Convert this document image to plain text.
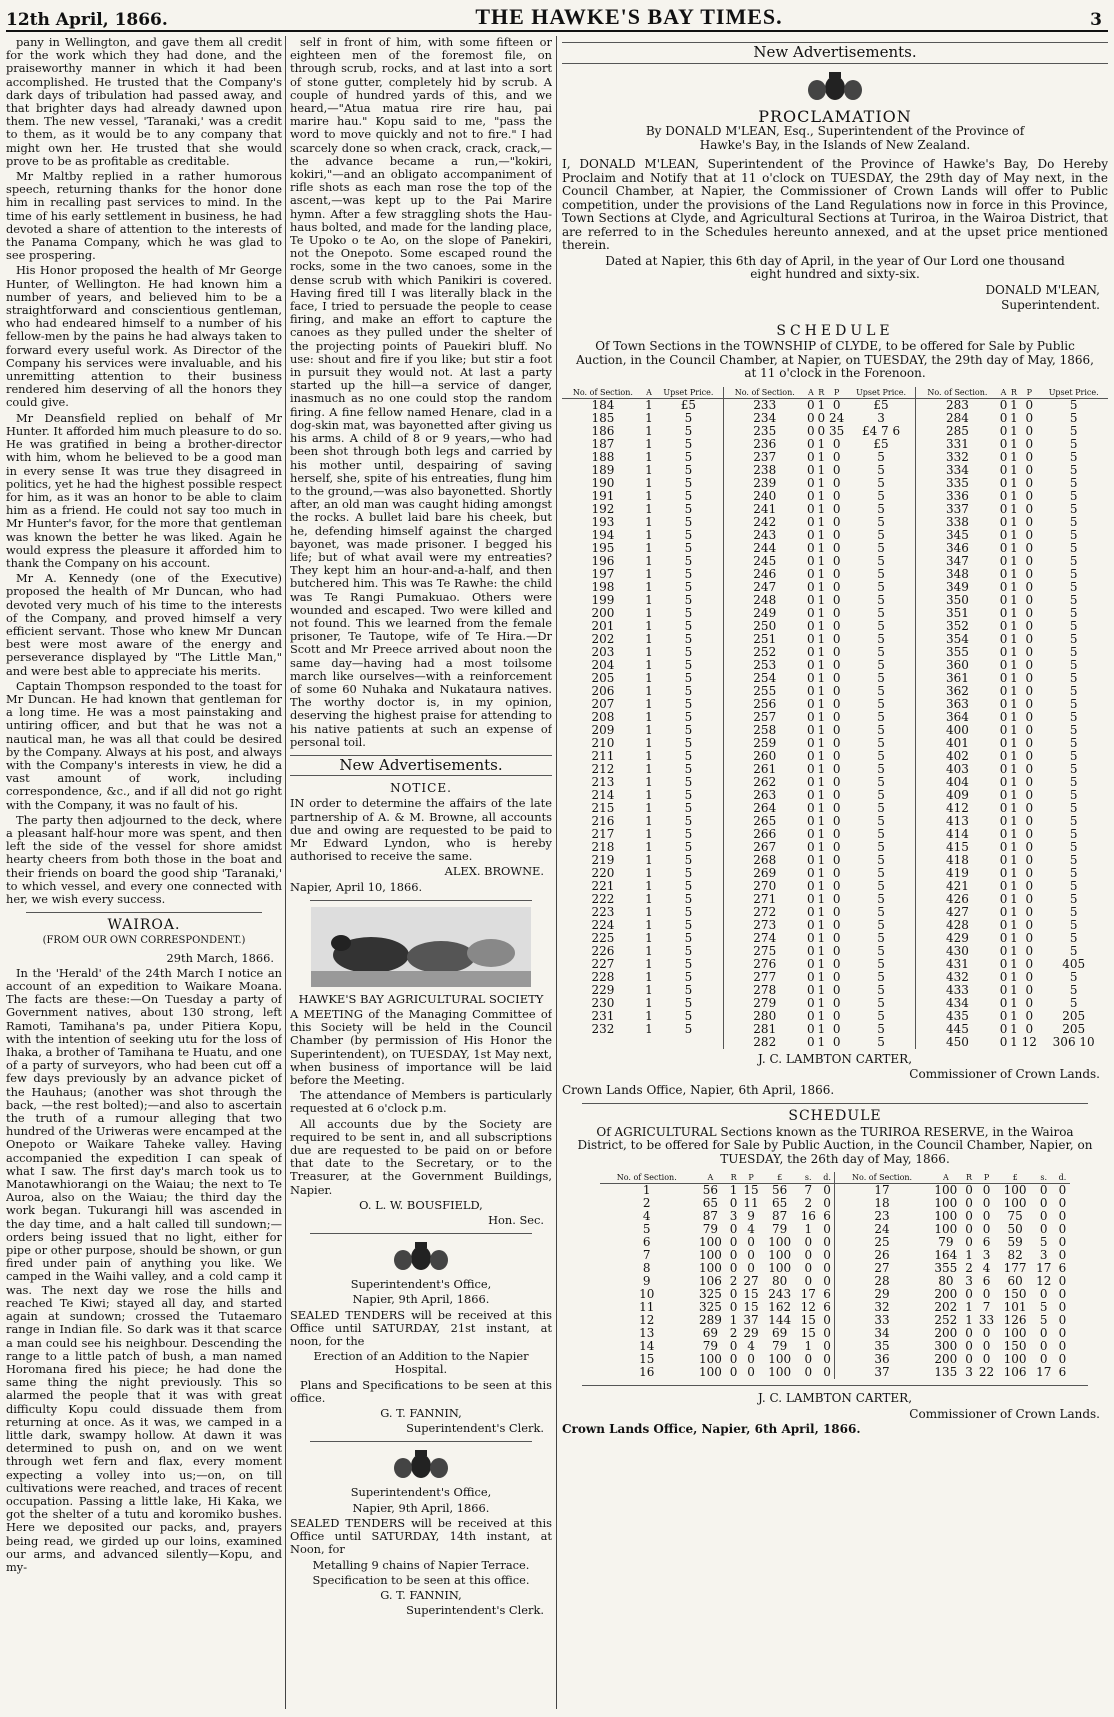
12th April, 1866.	THE HAWKE'S BAY TIMES.	3

pany in Wellington, and gave them all credit for the work which they had done, and the praiseworthy manner in which it had been accomplished. He trusted that the Company's dark days of tribulation had passed away, and that brighter days had already dawned upon them. The new vessel, 'Taranaki,' was a credit to them, as it would be to any company that might own her. He trusted that she would prove to be as profitable as creditable.

Mr Maltby replied in a rather humorous speech, returning thanks for the honor done him in recalling past services to mind. In the time of his early settlement in business, he had devoted a share of attention to the interests of the Panama Company, which he was glad to see prospering.

His Honor proposed the health of Mr George Hunter, of Wellington. He had known him a number of years, and believed him to be a straightforward and conscientious gentleman, who had endeared himself to a number of his fellow-men by the pains he had always taken to forward every useful work. As Director of the Company his services were invaluable, and his unremitting attention to their business rendered him deserving of all the honors they could give.

Mr Deansfield replied on behalf of Mr Hunter. It afforded him much pleasure to do so. He was gratified in being a brother-director with him, whom he believed to be a good man in every sense It was true they disagreed in politics, yet he had the highest possible respect for him, as it was an honor to be able to claim him as a friend. He could not say too much in Mr Hunter's favor, for the more that gentleman was known the better he was liked. Again he would express the pleasure it afforded him to thank the Company on his account.

Mr A. Kennedy (one of the Executive) proposed the health of Mr Duncan, who had devoted very much of his time to the interests of the Company, and proved himself a very efficient servant. Those who knew Mr Duncan best were most aware of the energy and perseverance displayed by "The Little Man," and were best able to appreciate his merits.

Captain Thompson responded to the toast for Mr Duncan. He had known that gentleman for a long time. He was a most painstaking and untiring officer, and but that he was not a nautical man, he was all that could be desired by the Company. Always at his post, and always with the Company's interests in view, he did a vast amount of work, including correspondence, &c., and if all did not go right with the Company, it was no fault of his.

The party then adjourned to the deck, where a pleasant half-hour more was spent, and then left the side of the vessel for shore amidst hearty cheers from both those in the boat and their friends on board the good ship 'Taranaki,' to which vessel, and every one connected with her, we wish every success.

WAIROA.
(FROM OUR OWN CORRESPONDENT.)

29th March, 1866.

In the 'Herald' of the 24th March I notice an account of an expedition to Waikare Moana. The facts are these:—On Tuesday a party of Government natives, about 130 strong, left Ramoti, Tamihana's pa, under Pitiera Kopu, with the intention of seeking utu for the loss of Ihaka, a brother of Tamihana te Huatu, and one of a party of surveyors, who had been cut off a few days previously by an advance picket of the Hauhaus; (another was shot through the back, —the rest bolted);—and also to ascertain the truth of a rumour alleging that two hundred of the Uriweras were encamped at the Onepoto or Waikare Taheke valley. Having accompanied the expedition I can speak of what I saw. The first day's march took us to Manotawhiorangi on the Waiau; the next to Te Auroa, also on the Waiau; the third day the work began. Tukurangi hill was ascended in the day time, and a halt called till sundown;—orders being issued that no light, either for pipe or other purpose, should be shown, or gun fired under pain of anything you like. We camped in the Waihi valley, and a cold camp it was. The next day we rose the hills and reached Te Kiwi; stayed all day, and started again at sundown; crossed the Tutaemaro range in Indian file. So dark was it that scarce a man could see his neighbour. Descending the range to a little patch of bush, a man named Horomana fired his piece; he had done the same thing the night previously. This so alarmed the people that it was with great difficulty Kopu could dissuade them from returning at once. As it was, we camped in a little dark, swampy hollow. At dawn it was determined to push on, and on we went through wet fern and flax, every moment expecting a volley into us;—on, on till cultivations were reached, and traces of recent occupation. Passing a little lake, Hi Kaka, we got the shelter of a tutu and koromiko bushes. Here we deposited our packs, and, prayers being read, we girded up our loins, examined our arms, and advanced silently—Kopu, and my-

self in front of him, with some fifteen or eighteen men of the foremost file, on through scrub, rocks, and at last into a sort of stone gutter, completely hid by scrub. A couple of hundred yards of this, and we heard,—"Atua matua rire rire hau, pai marire hau." Kopu said to me, "pass the word to move quickly and not to fire." I had scarcely done so when crack, crack, crack,—the advance became a run,—"kokiri, kokiri,"—and an obligato accompaniment of rifle shots as each man rose the top of the ascent,—was kept up to the Pai Marire hymn. After a few straggling shots the Hau-haus bolted, and made for the landing place, Te Upoko o te Ao, on the slope of Panekiri, not the Onepoto. Some escaped round the rocks, some in the two canoes, some in the dense scrub with which Panikiri is covered. Having fired till I was literally black in the face, I tried to persuade the people to cease firing, and make an effort to capture the canoes as they pulled under the shelter of the projecting points of Pauekiri bluff. No use: shout and fire if you like; but stir a foot in pursuit they would not. At last a party started up the hill—a service of danger, inasmuch as no one could stop the random firing. A fine fellow named Henare, clad in a dog-skin mat, was bayonetted after giving us his arms. A child of 8 or 9 years,—who had been shot through both legs and carried by his mother until, despairing of saving herself, she, spite of his entreaties, flung him to the ground,—was also bayonetted. Shortly after, an old man was caught hiding amongst the rocks. A bullet laid bare his cheek, but he, defending himself against the charged bayonet, was made prisoner. I begged his life; but of what avail were my entreaties? They kept him an hour-and-a-half, and then butchered him. This was Te Rawhe: the child was Te Rangi Pumakuao. Others were wounded and escaped. Two were killed and not found. This we learned from the female prisoner, Te Tautope, wife of Te Hira.—Dr Scott and Mr Preece arrived about noon the same day—having had a most toilsome march like ourselves—with a reinforcement of some 60 Nuhaka and Nukataura natives. The worthy doctor is, in my opinion, deserving the highest praise for attending to his native patients at such an expense of personal toil.

New Advertisements.
NOTICE.

IN order to determine the affairs of the late partnership of A. & M. Browne, all accounts due and owing are requested to be paid to Mr Edward Lyndon, who is hereby authorised to receive the same.

ALEX. BROWNE.

Napier, April 10, 1866.

HAWKE'S BAY AGRICULTURAL SOCIETY

A MEETING of the Managing Committee of this Society will be held in the Council Chamber (by permission of His Honor the Superintendent), on TUESDAY, 1st May next, when business of importance will be laid before the Meeting.

The attendance of Members is particularly requested at 6 o'clock p.m.

All accounts due by the Society are required to be sent in, and all subscriptions due are requested to be paid on or before that date to the Secretary, or to the Treasurer, at the Government Buildings, Napier.

O. L. W. BOUSFIELD,

Hon. Sec.

Superintendent's Office,

Napier, 9th April, 1866.

SEALED TENDERS will be received at this Office until SATURDAY, 21st instant, at noon, for the

Erection of an Addition to the Napier Hospital.

Plans and Specifications to be seen at this office.

G. T. FANNIN,

Superintendent's Clerk.

Superintendent's Office,

Napier, 9th April, 1866.

SEALED TENDERS will be received at this Office until SATURDAY, 14th instant, at Noon, for

Metalling 9 chains of Napier Terrace.

Specification to be seen at this office.

G. T. FANNIN,

Superintendent's Clerk.

New Advertisements.
PROCLAMATION

By DONALD M'LEAN, Esq., Superintendent of the Province of Hawke's Bay, in the Islands of New Zealand.

I, DONALD M'LEAN, Superintendent of the Province of Hawke's Bay, Do Hereby Proclaim and Notify that at 11 o'clock on TUESDAY, the 29th day of May next, in the Council Chamber, at Napier, the Commissioner of Crown Lands will offer to Public competition, under the provisions of the Land Regulations now in force in this Province, Town Sections at Clyde, and Agricultural Sections at Turiroa, in the Wairoa District, that are referred to in the Schedules hereunto annexed, and at the upset price mentioned therein.

Dated at Napier, this 6th day of April, in the year of Our Lord one thousand eight hundred and sixty-six.

DONALD M'LEAN,

Superintendent.

SCHEDULE

Of Town Sections in the TOWNSHIP of CLYDE, to be offered for Sale by Public Auction, in the Council Chamber, at Napier, on TUESDAY, the 29th day of May, 1866, at 11 o'clock in the Forenoon.

No. of Section.	A	Upset Price.	No. of Section.	A	R	P	Upset Price.	No. of Section.	A	R	P	Upset Price.
184	1	£5	233	0	1	0	£5	283	0	1	0	5
185	1	5	234	0	0	24	3	284	0	1	0	5
186	1	5	235	0	0	35	£4 7 6	285	0	1	0	5
187	1	5	236	0	1	0	£5	331	0	1	0	5
188	1	5	237	0	1	0	5	332	0	1	0	5
189	1	5	238	0	1	0	5	334	0	1	0	5
190	1	5	239	0	1	0	5	335	0	1	0	5
191	1	5	240	0	1	0	5	336	0	1	0	5
192	1	5	241	0	1	0	5	337	0	1	0	5
193	1	5	242	0	1	0	5	338	0	1	0	5
194	1	5	243	0	1	0	5	345	0	1	0	5
195	1	5	244	0	1	0	5	346	0	1	0	5
196	1	5	245	0	1	0	5	347	0	1	0	5
197	1	5	246	0	1	0	5	348	0	1	0	5
198	1	5	247	0	1	0	5	349	0	1	0	5
199	1	5	248	0	1	0	5	350	0	1	0	5
200	1	5	249	0	1	0	5	351	0	1	0	5
201	1	5	250	0	1	0	5	352	0	1	0	5
202	1	5	251	0	1	0	5	354	0	1	0	5
203	1	5	252	0	1	0	5	355	0	1	0	5
204	1	5	253	0	1	0	5	360	0	1	0	5
205	1	5	254	0	1	0	5	361	0	1	0	5
206	1	5	255	0	1	0	5	362	0	1	0	5
207	1	5	256	0	1	0	5	363	0	1	0	5
208	1	5	257	0	1	0	5	364	0	1	0	5
209	1	5	258	0	1	0	5	400	0	1	0	5
210	1	5	259	0	1	0	5	401	0	1	0	5
211	1	5	260	0	1	0	5	402	0	1	0	5
212	1	5	261	0	1	0	5	403	0	1	0	5
213	1	5	262	0	1	0	5	404	0	1	0	5
214	1	5	263	0	1	0	5	409	0	1	0	5
215	1	5	264	0	1	0	5	412	0	1	0	5
216	1	5	265	0	1	0	5	413	0	1	0	5
217	1	5	266	0	1	0	5	414	0	1	0	5
218	1	5	267	0	1	0	5	415	0	1	0	5
219	1	5	268	0	1	0	5	418	0	1	0	5
220	1	5	269	0	1	0	5	419	0	1	0	5
221	1	5	270	0	1	0	5	421	0	1	0	5
222	1	5	271	0	1	0	5	426	0	1	0	5
223	1	5	272	0	1	0	5	427	0	1	0	5
224	1	5	273	0	1	0	5	428	0	1	0	5
225	1	5	274	0	1	0	5	429	0	1	0	5
226	1	5	275	0	1	0	5	430	0	1	0	5
227	1	5	276	0	1	0	5	431	0	1	0	405
228	1	5	277	0	1	0	5	432	0	1	0	5
229	1	5	278	0	1	0	5	433	0	1	0	5
230	1	5	279	0	1	0	5	434	0	1	0	5
231	1	5	280	0	1	0	5	435	0	1	0	205
232	1	5	281	0	1	0	5	445	0	1	0	205
			282	0	1	0	5	450	0	1	12	306 10

J. C. LAMBTON CARTER,

Commissioner of Crown Lands.

Crown Lands Office, Napier, 6th April, 1866.

SCHEDULE

Of AGRICULTURAL Sections known as the TURIROA RESERVE, in the Wairoa District, to be offered for Sale by Public Auction, in the Council Chamber, Napier, on TUESDAY, the 26th day of May, 1866.

No. of Section.	A	R	P	£	s.	d.	No. of Section.	A	R	P	£	s.	d.
1	56	1	15	56	7	0	17	100	0	0	100	0	0
2	65	0	11	65	2	0	18	100	0	0	100	0	0
4	87	3	9	87	16	6	23	100	0	0	75	0	0
5	79	0	4	79	1	0	24	100	0	0	50	0	0
6	100	0	0	100	0	0	25	79	0	6	59	5	0
7	100	0	0	100	0	0	26	164	1	3	82	3	0
8	100	0	0	100	0	0	27	355	2	4	177	17	6
9	106	2	27	80	0	0	28	80	3	6	60	12	0
10	325	0	15	243	17	6	29	200	0	0	150	0	0
11	325	0	15	162	12	6	32	202	1	7	101	5	0
12	289	1	37	144	15	0	33	252	1	33	126	5	0
13	69	2	29	69	15	0	34	200	0	0	100	0	0
14	79	0	4	79	1	0	35	300	0	0	150	0	0
15	100	0	0	100	0	0	36	200	0	0	100	0	0
16	100	0	0	100	0	0	37	135	3	22	106	17	6

J. C. LAMBTON CARTER,

Commissioner of Crown Lands.

Crown Lands Office, Napier, 6th April, 1866.
